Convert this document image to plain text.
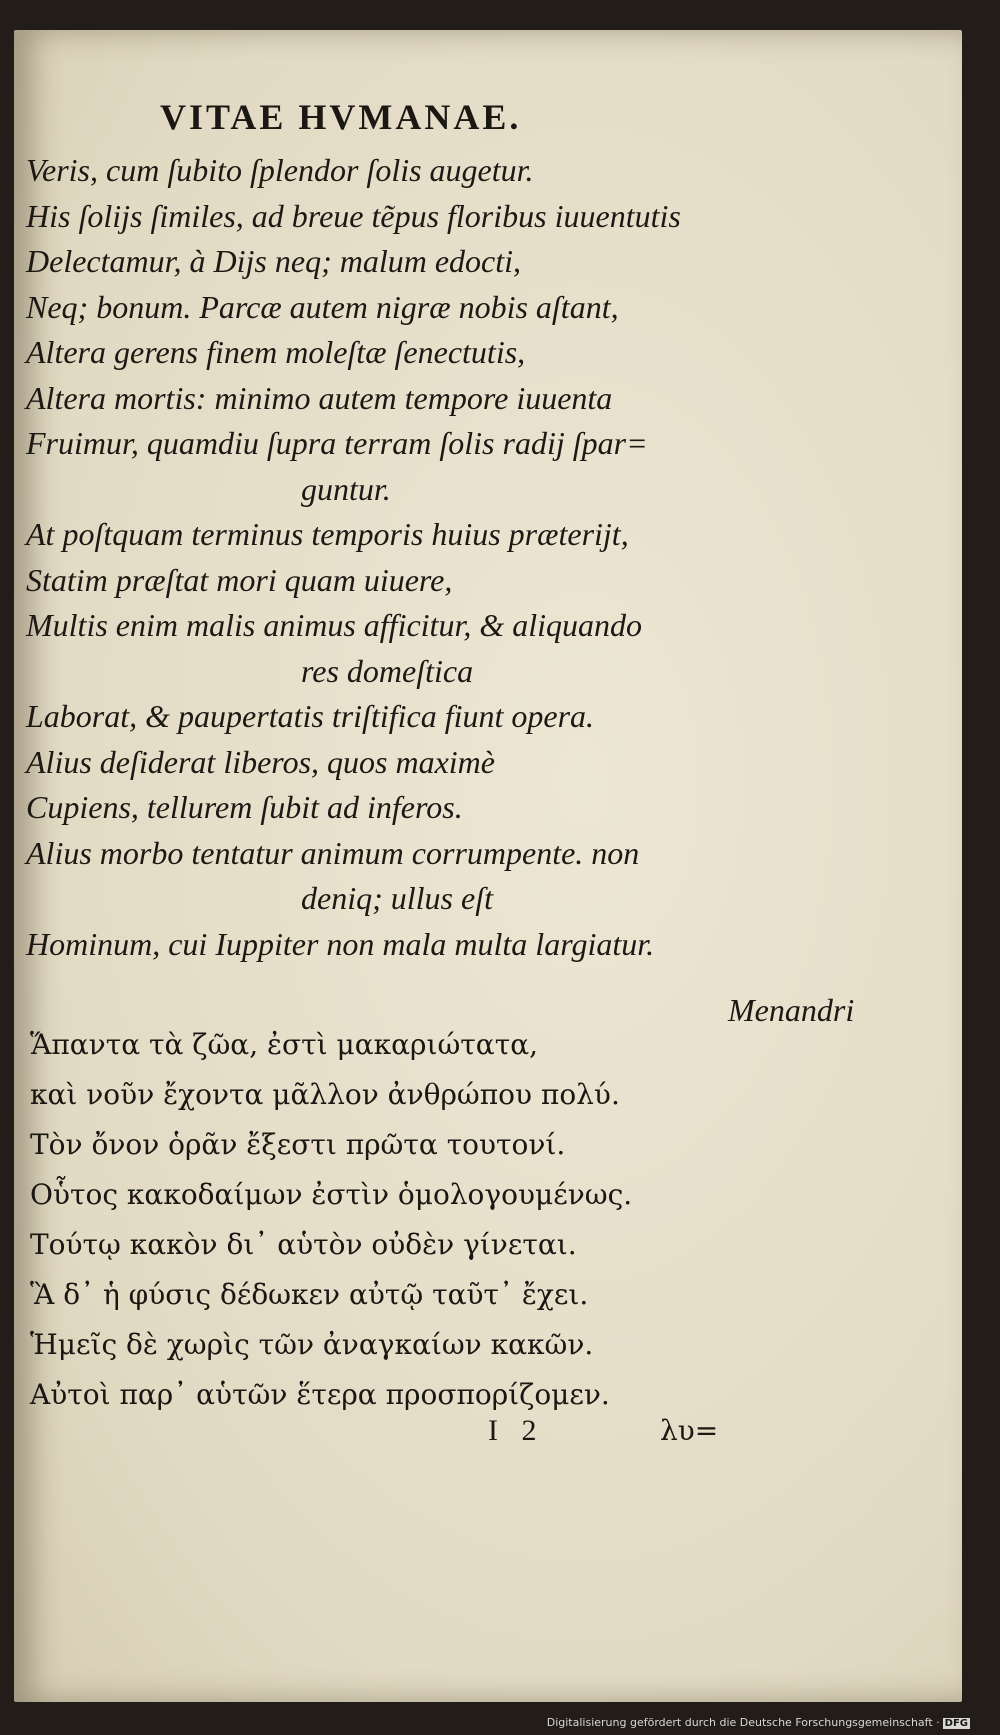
VITAE HVMANAE.
Veris, cum ſubito ſplendor ſolis augetur.
His ſolijs ſimiles, ad breue tẽpus floribus iuuentutis
Delectamur, à Dijs neq; malum edocti,
Neq; bonum. Parcæ autem nigræ nobis aſtant,
Altera gerens finem moleſtæ ſenectutis,
Altera mortis: minimo autem tempore iuuenta
Fruimur, quamdiu ſupra terram ſolis radij ſpar=
guntur.
At poſtquam terminus temporis huius præterijt,
Statim præſtat mori quam uiuere,
Multis enim malis animus afficitur, & aliquando
res domeſtica
Laborat, & paupertatis triſtifica fiunt opera.
Alius deſiderat liberos, quos maximè
Cupiens, tellurem ſubit ad inferos.
Alius morbo tentatur animum corrumpente. non
deniq; ullus eſt
Hominum, cui Iuppiter non mala multa largiatur.
Menandri
Ἅπαντα τὰ ζῶα, ἐστὶ μακαριώτατα,
καὶ νοῦν ἔχοντα μᾶλλον ἀνθρώπου πολύ.
Τὸν ὄνον ὁρᾶν ἔξεστι πρῶτα τουτονί.
Οὗτος κακοδαίμων ἐστὶν ὁμολογουμένως.
Τούτῳ κακὸν δι᾽ αὑτὸν οὐδὲν γίνεται.
Ἃ δ᾽ ἡ φύσις δέδωκεν αὐτῷ ταῦτ᾽ ἔχει.
Ἡμεῖς δὲ χωρὶς τῶν ἀναγκαίων κακῶν.
Αὐτοὶ παρ᾽ αὑτῶν ἕτερα προσπορίζομεν.
I 2	λυ=
Digitalisierung gefördert durch die Deutsche Forschungsgemeinschaft · DFG
